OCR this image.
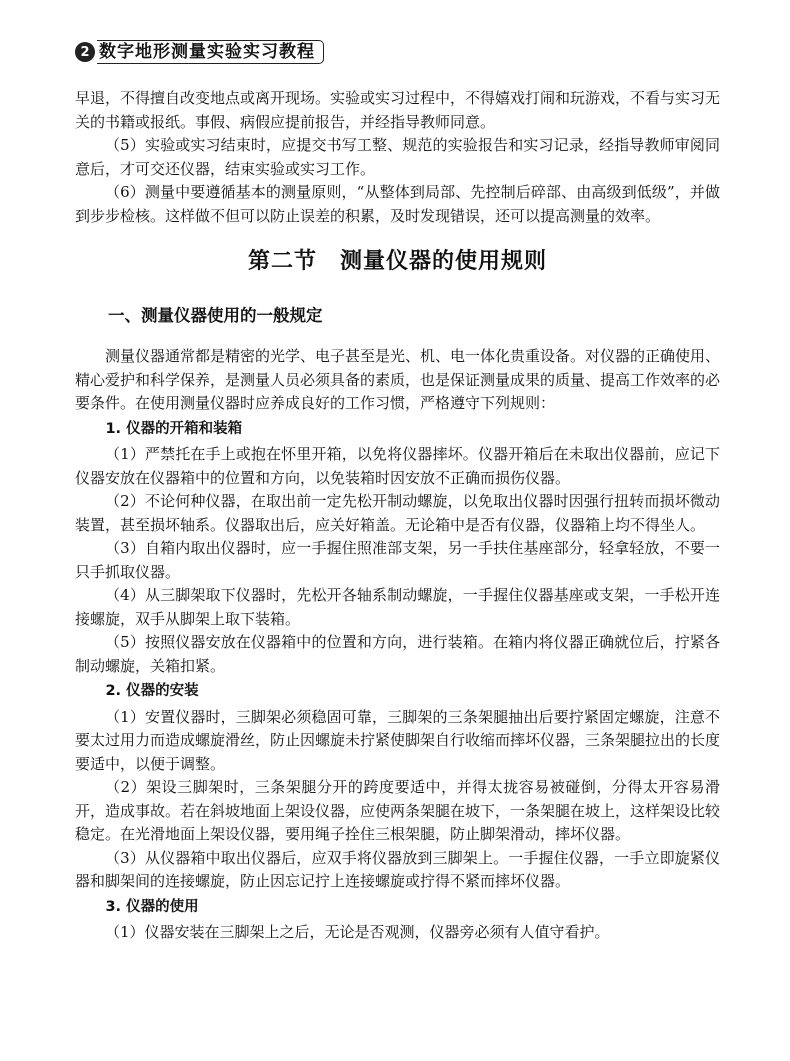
2 数字地形测量实验实习教程

早退，不得擅自改变地点或离开现场。实验或实习过程中，不得嬉戏打闹和玩游戏，不看与实习无关的书籍或报纸。事假、病假应提前报告，并经指导教师同意。

（5）实验或实习结束时，应提交书写工整、规范的实验报告和实习记录，经指导教师审阅同意后，才可交还仪器，结束实验或实习工作。

（6）测量中要遵循基本的测量原则，“从整体到局部、先控制后碎部、由高级到低级”，并做到步步检核。这样做不但可以防止误差的积累，及时发现错误，还可以提高测量的效率。

第二节　测量仪器的使用规则
一、测量仪器使用的一般规定

测量仪器通常都是精密的光学、电子甚至是光、机、电一体化贵重设备。对仪器的正确使用、精心爱护和科学保养，是测量人员必须具备的素质，也是保证测量成果的质量、提高工作效率的必要条件。在使用测量仪器时应养成良好的工作习惯，严格遵守下列规则：

1. 仪器的开箱和装箱

（1）严禁托在手上或抱在怀里开箱，以免将仪器摔坏。仪器开箱后在未取出仪器前，应记下仪器安放在仪器箱中的位置和方向，以免装箱时因安放不正确而损伤仪器。

（2）不论何种仪器，在取出前一定先松开制动螺旋，以免取出仪器时因强行扭转而损坏微动装置，甚至损坏轴系。仪器取出后，应关好箱盖。无论箱中是否有仪器，仪器箱上均不得坐人。

（3）自箱内取出仪器时，应一手握住照准部支架，另一手扶住基座部分，轻拿轻放，不要一只手抓取仪器。

（4）从三脚架取下仪器时，先松开各轴系制动螺旋，一手握住仪器基座或支架，一手松开连接螺旋，双手从脚架上取下装箱。

（5）按照仪器安放在仪器箱中的位置和方向，进行装箱。在箱内将仪器正确就位后，拧紧各制动螺旋，关箱扣紧。

2. 仪器的安装

（1）安置仪器时，三脚架必须稳固可靠，三脚架的三条架腿抽出后要拧紧固定螺旋，注意不要太过用力而造成螺旋滑丝，防止因螺旋未拧紧使脚架自行收缩而摔坏仪器，三条架腿拉出的长度要适中，以便于调整。

（2）架设三脚架时，三条架腿分开的跨度要适中，并得太拢容易被碰倒，分得太开容易滑开，造成事故。若在斜坡地面上架设仪器，应使两条架腿在坡下，一条架腿在坡上，这样架设比较稳定。在光滑地面上架设仪器，要用绳子拴住三根架腿，防止脚架滑动，摔坏仪器。

（3）从仪器箱中取出仪器后，应双手将仪器放到三脚架上。一手握住仪器，一手立即旋紧仪器和脚架间的连接螺旋，防止因忘记拧上连接螺旋或拧得不紧而摔坏仪器。

3. 仪器的使用

（1）仪器安装在三脚架上之后，无论是否观测，仪器旁必须有人值守看护。
